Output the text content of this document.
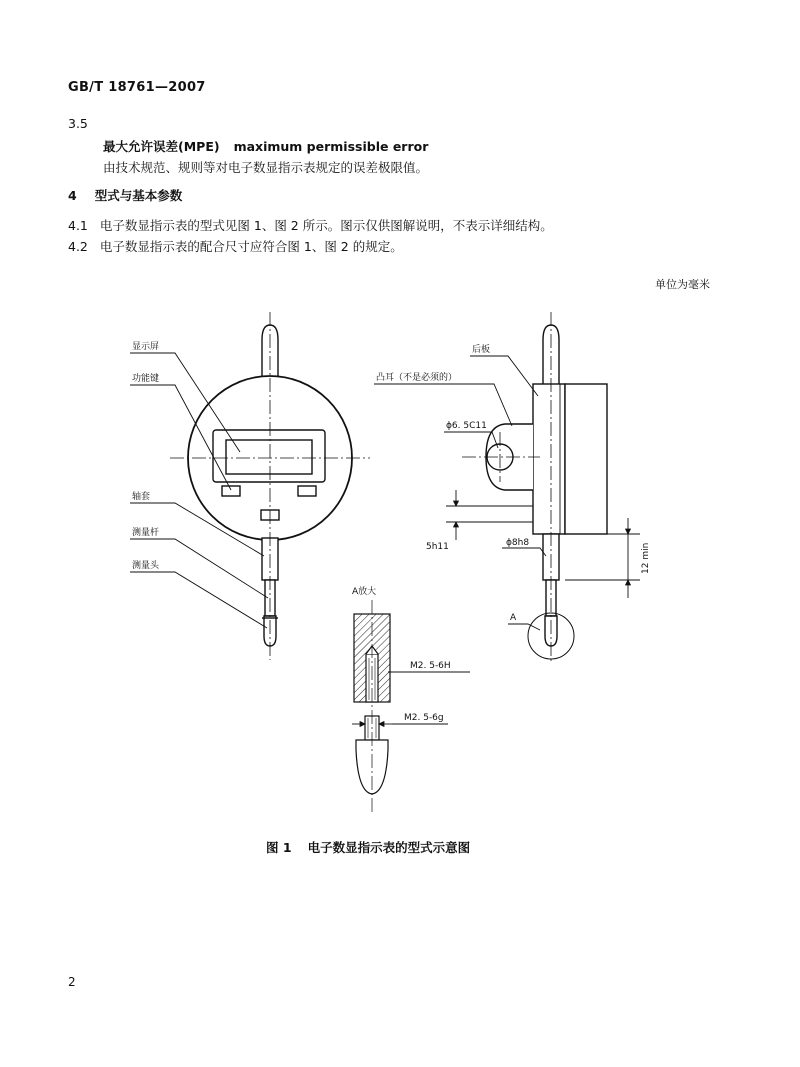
GB/T 18761—2007
3.5
最大允许误差(MPE) maximum permissible error
由技术规范、规则等对电子数显指示表规定的误差极限值。
4 型式与基本参数
4.1 电子数显指示表的型式见图 1、图 2 所示。图示仅供图解说明，不表示详细结构。
4.2 电子数显指示表的配合尺寸应符合图 1、图 2 的规定。
单位为毫米
显示屏
功能键
轴套
测量杆
测量头
后板
凸耳（不是必须的）
ϕ6. 5C11
5h11	ϕ8h8	12 min
A
A放大
M2. 5-6H
M2. 5-6g
图 1 电子数显指示表的型式示意图
2
